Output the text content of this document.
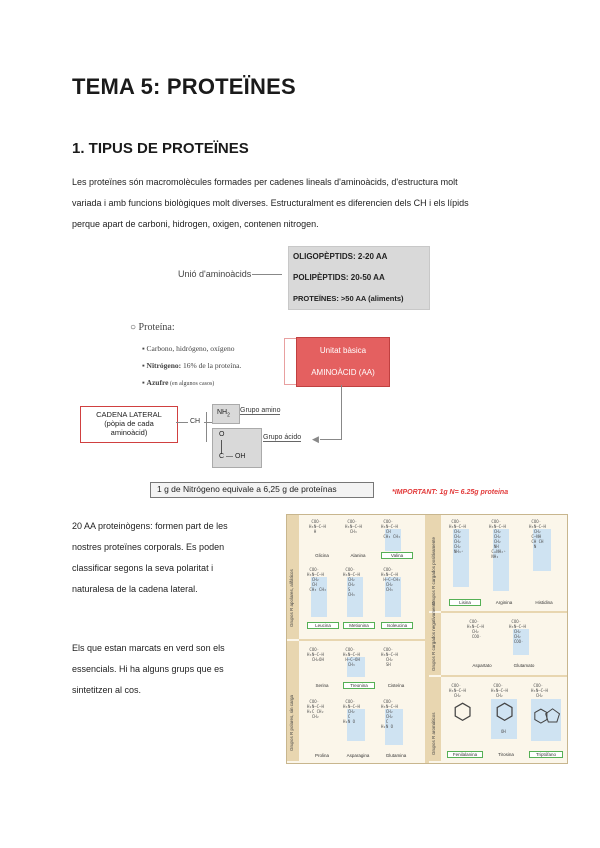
TEMA 5: PROTEÏNES
1. TIPUS DE PROTEÏNES
Les proteïnes són macromolècules formades per cadenes lineals d'aminoàcids, d'estructura molt
variada i amb funcions biològiques molt diverses. Estructuralment es diferencien dels CH i els lípids
perque apart de carboni, hidrogen, oxigen, contenen nitrogen.
Unió d'aminoàcids
OLIGOPÈPTIDS: 2-20 AA
POLIPÈPTIDS: 20-50 AA
PROTEÏNES: >50 AA (aliments)
○ Proteína:
▪ Carbono, hidrógeno, oxígeno
▪ Nitrógeno: 16% de la proteína.
▪ Azufre (en algunos casos)
Unitat bàsica
AMINOÀCID (AA)
◀
CADENA LATERAL (pòpia de cada aminoàcid)
CH
$NH_2$
Grupo amino
O
C — OH
Grupo ácido
1 g de Nitrógeno equivale a 6,25 g de proteínas	*IMPORTANT: 1g N= 6.25g proteina
20 AA proteinògens: formen part de les
nostres proteïnes corporals. Es poden
classificar segons la seva polaritat i
naturalesa de la cadena lateral.
Els que estan marcats en verd son els
essencials. Hi ha alguns grups que es
sintetitzen al cos.
Grupos R apolares, alifáticos
Grupos R polares, sin carga
Grupos R cargados positivamente
Grupos R cargados negativamente
Grupos R aromáticos
COO⁻
H₃N–C–H
H
COO⁻
H₃N–C–H
CH₃
COO⁻
H₃N–C–H
CH
CH₃ CH₃
Glicina	Alanina	Valina
COO⁻
H₃N–C–H
CH₂
CH
CH₃ CH₃
COO⁻
H₃N–C–H
CH₂
CH₂
S
CH₃
COO⁻
H₃N–C–H
H–C–CH₃
CH₂
CH₃
Leucina	Metionina	Isoleucina
COO⁻
H₃N–C–H
CH₂OH
COO⁻
H₃N–C–H
H–C–OH
CH₃
COO⁻
H₃N–C–H
CH₂
SH
Serina	Treonina	Cisteína
COO⁻
H₂N–C–H
H₂C CH₂
CH₂
COO⁻
H₃N–C–H
CH₂
C
H₂N O
COO⁻
H₃N–C–H
CH₂
CH₂
C
H₂N O
Prolina	Asparagina	Glutamina
COO⁻
H₃N–C–H
CH₂
CH₂
CH₂
CH₂
NH₃⁺
COO⁻
H₃N–C–H
CH₂
CH₂
CH₂
NH
C=NH₂⁺
NH₂
COO⁻
H₃N–C–H
CH₂
C–NH
CH CH
N
Lisina	Arginina	Histidina
COO⁻
H₃N–C–H
CH₂
COO⁻
COO⁻
H₃N–C–H
CH₂
CH₂
COO⁻
Aspartato	Glutamato
COO⁻
H₃N–C–H
CH₂
⬡
COO⁻
H₃N–C–H
CH₂
⬡
OH
COO⁻
H₃N–C–H
CH₂
⬡⬠
Fenilalanina	Tirosina	Triptófano
